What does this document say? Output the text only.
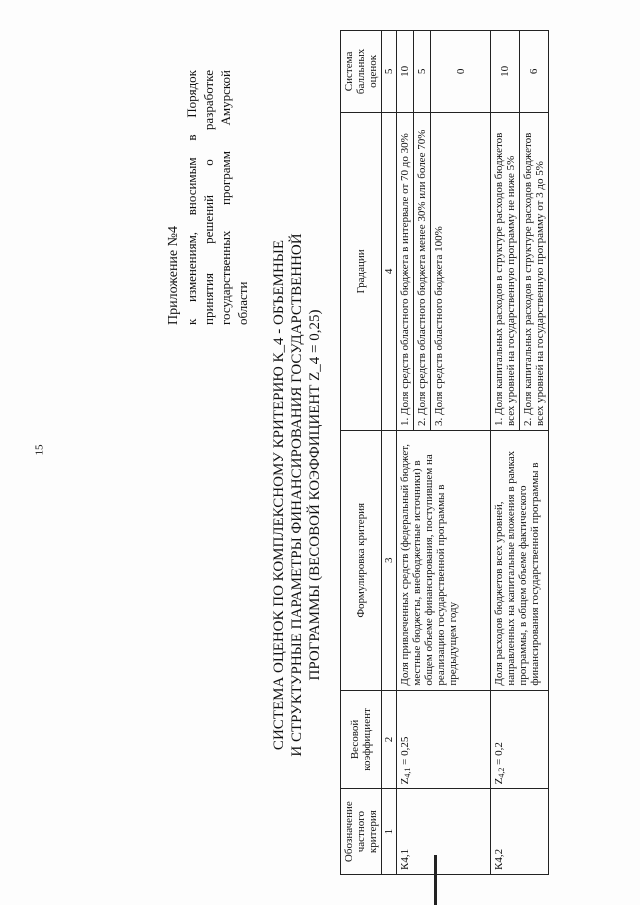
15
Приложение №4 к изменениям, вносимым в Порядок принятия решений о разработке государственных программ Амурской области СИСТЕМА ОЦЕНОК ПО КОМПЛЕКСНОМУ КРИТЕРИЮ К_4 - ОБЪЕМНЫЕ И СТРУКТУРНЫЕ ПАРАМЕТРЫ ФИНАНСИРОВАНИЯ ГОСУДАРСТВЕННОЙ ПРОГРАММЫ (ВЕСОВОЙ КОЭФФИЦИЕНТ Z_4 = 0,25)
Обозначение частного критерия	Весовой коэффициент	Формулировка критерия	Градации	Система балльных оценок
1	2	3	4	5
К4,1	$Z_{4,1} = 0,25$	Доля привлеченных средств (федеральный бюджет, местные бюджеты, внебюджетные источники) в общем объеме финансирования, поступившем на реализацию государственной программы в предыдущем году	1. Доля средств областного бюджета в интервале от 70 до 30%	10
			2. Доля средств областного бюджета менее 30% или более 70%	5
			3. Доля средств областного бюджета 100%	0
К4,2	$Z_{4,2} = 0,2$	Доля расходов бюджетов всех уровней, направленных на капитальные вложения в рамках программы, в общем объеме фактического финансирования государственной программы в	1. Доля капитальных расходов в структуре расходов бюджетов всех уровней на государственную программу не ниже 5%	10
			2. Доля капитальных расходов в структуре расходов бюджетов всех уровней на государственную программу от 3 до 5%	6
